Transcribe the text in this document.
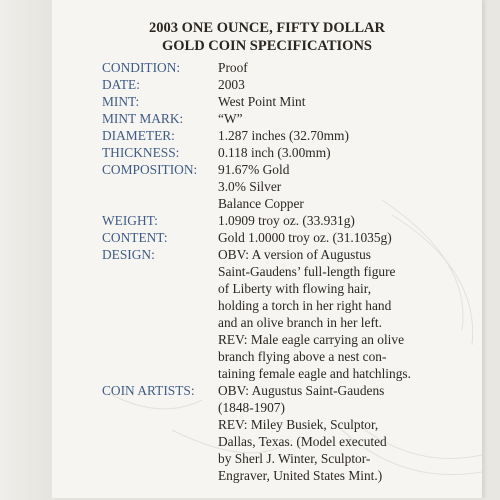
2003 ONE OUNCE, FIFTY DOLLAR
GOLD COIN SPECIFICATIONS
CONDITION:	Proof
DATE:	2003
MINT:	West Point Mint
MINT MARK:	“W”
DIAMETER:	1.287 inches (32.70mm)
THICKNESS:	0.118 inch (3.00mm)
COMPOSITION: 91.67% Gold
3.0% Silver
Balance Copper
WEIGHT:	1.0909 troy oz. (33.931g)
CONTENT:	Gold 1.0000 troy oz. (31.1035g)
DESIGN:	OBV: A version of Augustus
Saint-Gaudens’ full-length figure
of Liberty with flowing hair,
holding a torch in her right hand
and an olive branch in her left.
REV: Male eagle carrying an olive
branch flying above a nest con-
taining female eagle and hatchlings.
COIN ARTISTS: OBV: Augustus Saint-Gaudens
(1848-1907)
REV: Miley Busiek, Sculptor,
Dallas, Texas. (Model executed
by Sherl J. Winter, Sculptor-
Engraver, United States Mint.)
